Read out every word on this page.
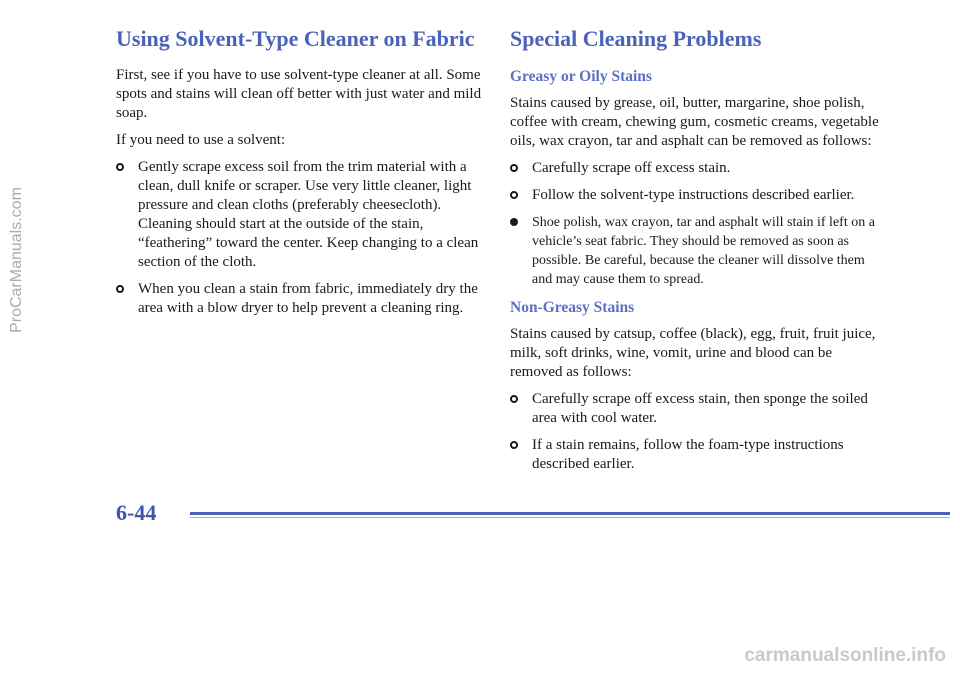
ProCarManuals.com
Using Solvent-Type Cleaner on Fabric

First, see if you have to use solvent-type cleaner at all. Some spots and stains will clean off better with just water and mild soap.

If you need to use a solvent:

Gently scrape excess soil from the trim material with a clean, dull knife or scraper. Use very little cleaner, light pressure and clean cloths (preferably cheesecloth). Cleaning should start at the outside of the stain, “feathering” toward the center. Keep changing to a clean section of the cloth.
When you clean a stain from fabric, immediately dry the area with a blow dryer to help prevent a cleaning ring.
Special Cleaning Problems
Greasy or Oily Stains

Stains caused by grease, oil, butter, margarine, shoe polish, coffee with cream, chewing gum, cosmetic creams, vegetable oils, wax crayon, tar and asphalt can be removed as follows:

Carefully scrape off excess stain.
Follow the solvent-type instructions described earlier.
Shoe polish, wax crayon, tar and asphalt will stain if left on a vehicle’s seat fabric. They should be removed as soon as possible. Be careful, because the cleaner will dissolve them and may cause them to spread.
Non-Greasy Stains

Stains caused by catsup, coffee (black), egg, fruit, fruit juice, milk, soft drinks, wine, vomit, urine and blood can be removed as follows:

Carefully scrape off excess stain, then sponge the soiled area with cool water.
If a stain remains, follow the foam-type instructions described earlier.
6-44
carmanualsonline.info
